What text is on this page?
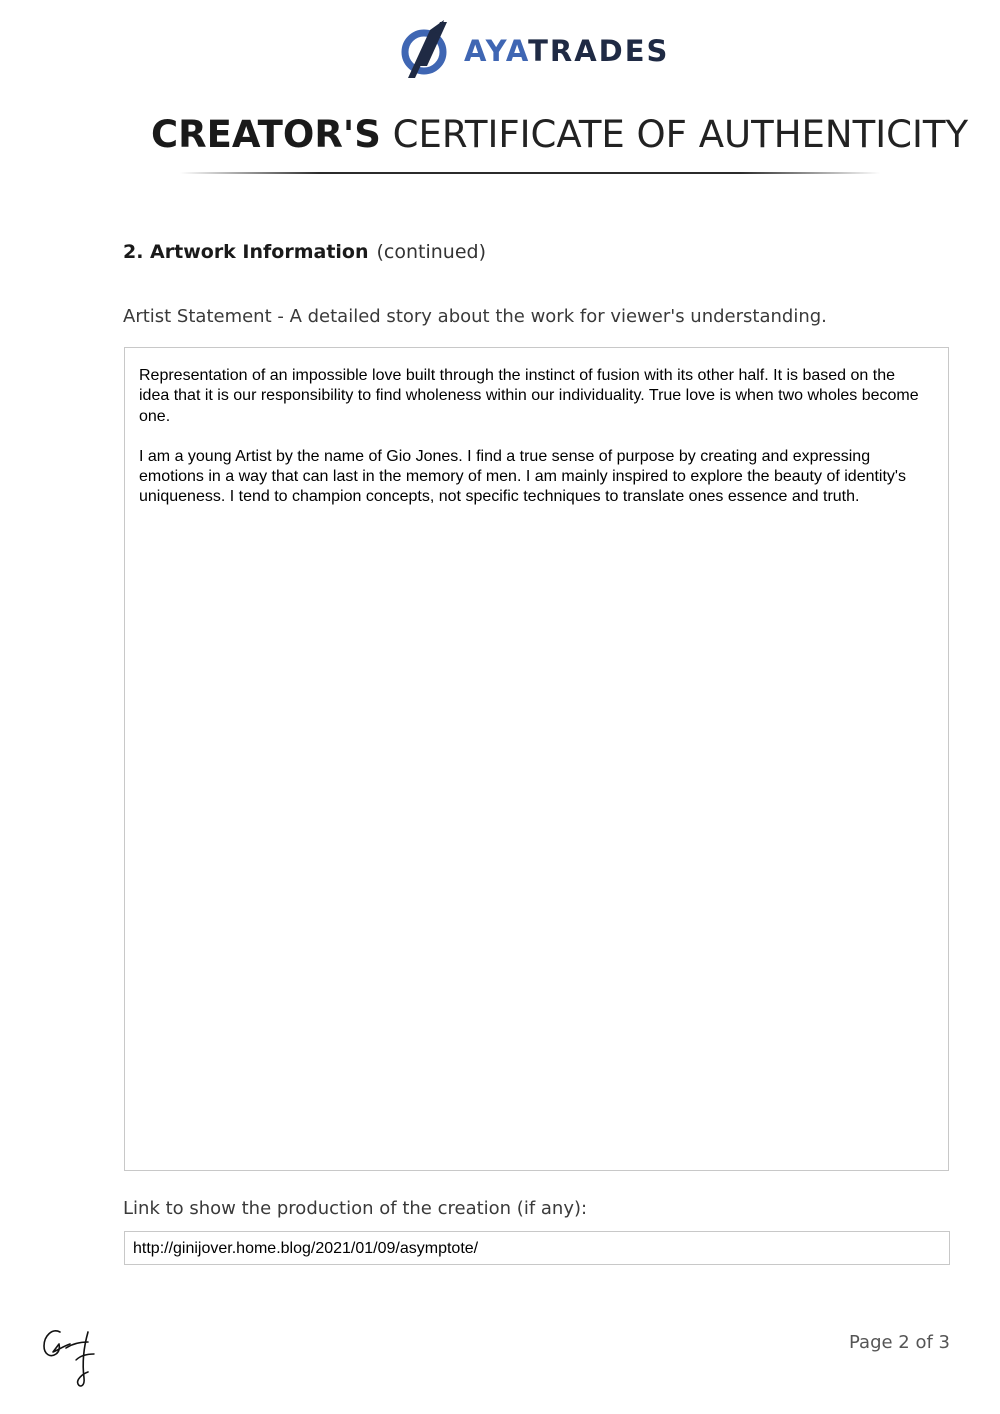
AYATRADES
CREATOR'S CERTIFICATE OF AUTHENTICITY
2. Artwork Information (continued)
Artist Statement - A detailed story about the work for viewer's understanding.

Representation of an impossible love built through the instinct of fusion with its other half. It is based on the idea that it is our responsibility to find wholeness within our individuality. True love is when two wholes become one.

I am a young Artist by the name of Gio Jones. I find a true sense of purpose by creating and expressing emotions in a way that can last in the memory of men. I am mainly inspired to explore the beauty of identity's uniqueness. I tend to champion concepts, not specific techniques to translate ones essence and truth.

Link to show the production of the creation (if any):
http://ginijover.home.blog/2021/01/09/asymptote/
Page 2 of 3
